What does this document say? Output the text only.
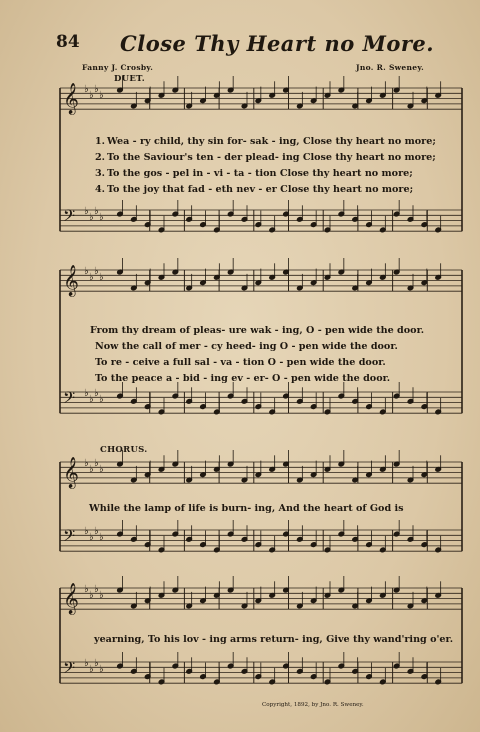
𝄞 ♭
♭
♭
♭
𝄢 ♭
♭
♭
♭
𝄞 ♭
♭
♭
♭
𝄢 ♭
♭
♭
♭
𝄞 ♭
♭
♭
♭
𝄢 ♭
♭
♭
♭
𝄞 ♭
♭
♭
♭
𝄢 ♭
♭
♭
♭
84 Close Thy Heart no More.
Fanny J. Crosby.	Jno. R. Sweney.
DUET.
1. Wea - ry child, thy sin for- sak - ing, Close thy heart no more;
2. To the Saviour's ten - der plead- ing Close thy heart no more;
3. To the gos - pel in - vi - ta - tion Close thy heart no more;
4. To the joy that fad - eth nev - er Close thy heart no more;
From thy dream of pleas- ure wak - ing, O - pen wide the door.
Now the call of mer - cy heed- ing O - pen wide the door.
To re - ceive a full sal - va - tion O - pen wide the door.
To the peace a - bid - ing ev - er- O - pen wide the door.
CHORUS.
While the lamp of life is burn- ing, And the heart of God is
yearning, To his lov - ing arms return- ing, Give thy wand'ring o'er.
Copyright, 1892, by Jno. R. Sweney.
